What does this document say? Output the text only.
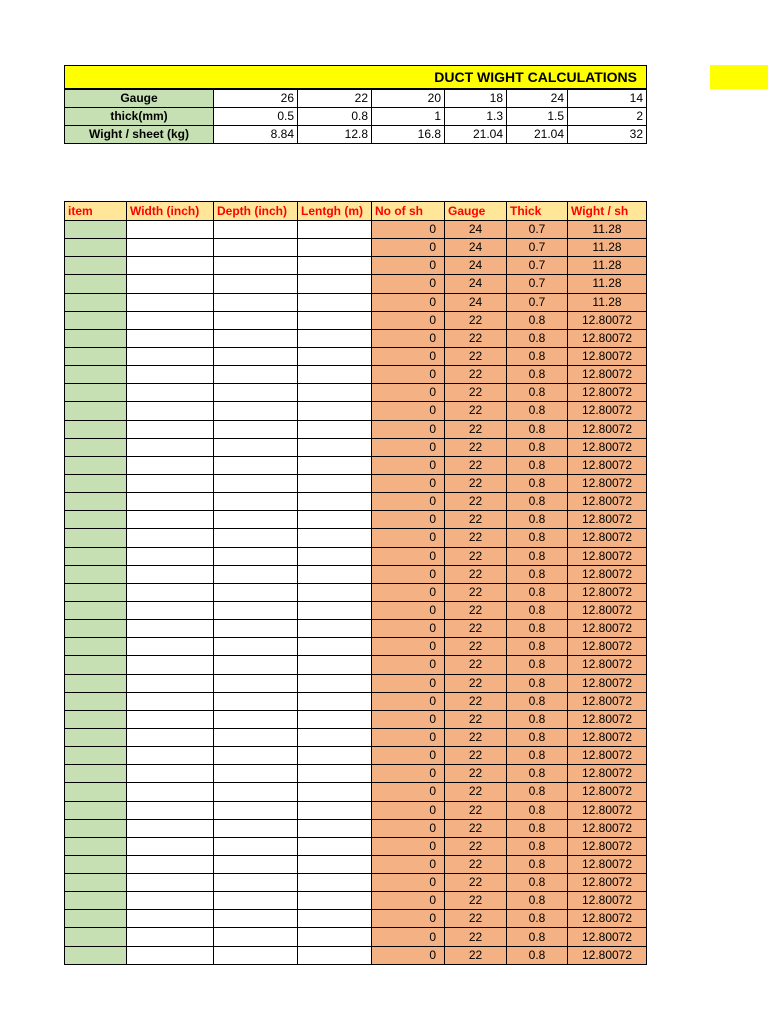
DUCT WIGHT CALCULATIONS
Gauge	26	22	20	18	24	14
thick(mm)	0.5	0.8	1	1.3	1.5	2
Wight / sheet (kg)	8.84	12.8	16.8	21.04	21.04	32
item	Width (inch)	Depth (inch)	Lentgh (m)	No of sh	Gauge	Thick	Wight / sh
				0	24	0.7	11.28
				0	24	0.7	11.28
				0	24	0.7	11.28
				0	24	0.7	11.28
				0	24	0.7	11.28
				0	22	0.8	12.80072
				0	22	0.8	12.80072
				0	22	0.8	12.80072
				0	22	0.8	12.80072
				0	22	0.8	12.80072
				0	22	0.8	12.80072
				0	22	0.8	12.80072
				0	22	0.8	12.80072
				0	22	0.8	12.80072
				0	22	0.8	12.80072
				0	22	0.8	12.80072
				0	22	0.8	12.80072
				0	22	0.8	12.80072
				0	22	0.8	12.80072
				0	22	0.8	12.80072
				0	22	0.8	12.80072
				0	22	0.8	12.80072
				0	22	0.8	12.80072
				0	22	0.8	12.80072
				0	22	0.8	12.80072
				0	22	0.8	12.80072
				0	22	0.8	12.80072
				0	22	0.8	12.80072
				0	22	0.8	12.80072
				0	22	0.8	12.80072
				0	22	0.8	12.80072
				0	22	0.8	12.80072
				0	22	0.8	12.80072
				0	22	0.8	12.80072
				0	22	0.8	12.80072
				0	22	0.8	12.80072
				0	22	0.8	12.80072
				0	22	0.8	12.80072
				0	22	0.8	12.80072
				0	22	0.8	12.80072
				0	22	0.8	12.80072
